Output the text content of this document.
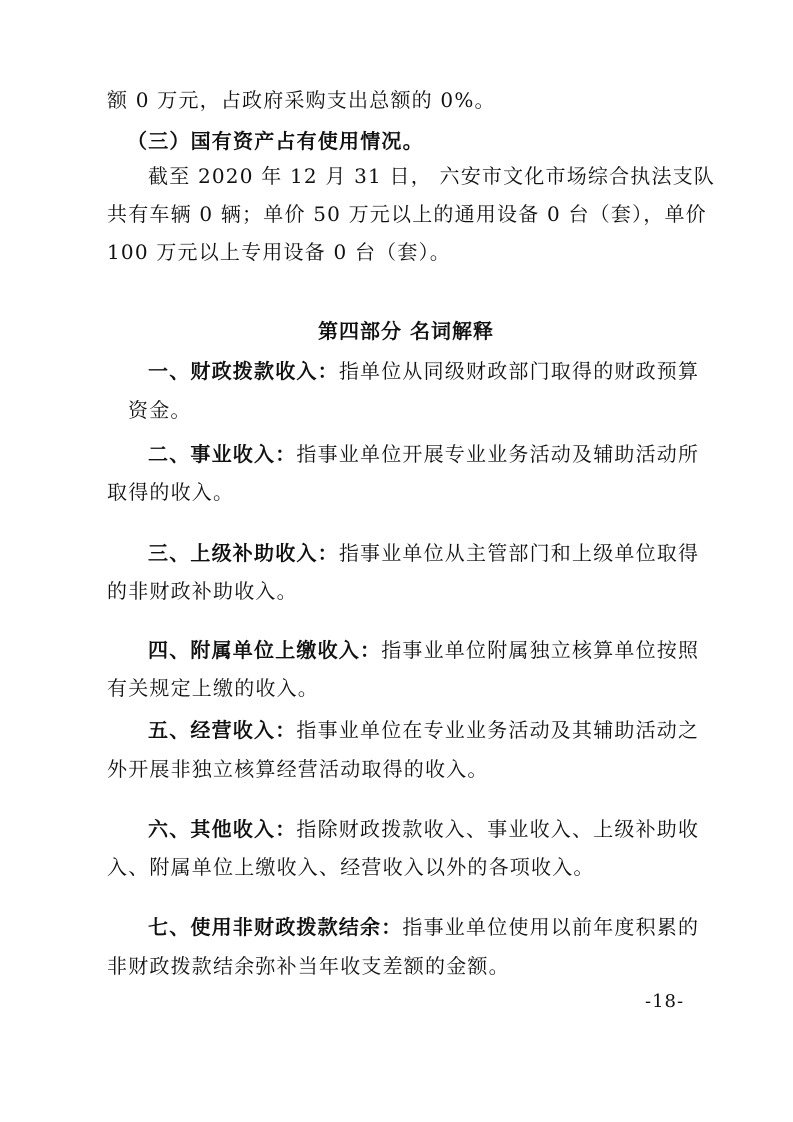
额 0 万元，占政府采购支出总额的 0%。
（三）国有资产占有使用情况。
截至 2020 年 12 月 31 日， 六安市文化市场综合执法支队
共有车辆 0 辆；单价 50 万元以上的通用设备 0 台（套），单价
100 万元以上专用设备 0 台（套）。
第四部分 名词解释
一、财政拨款收入：指单位从同级财政部门取得的财政预算
资金。
二、事业收入：指事业单位开展专业业务活动及辅助活动所
取得的收入。
三、上级补助收入：指事业单位从主管部门和上级单位取得
的非财政补助收入。
四、附属单位上缴收入：指事业单位附属独立核算单位按照
有关规定上缴的收入。
五、经营收入：指事业单位在专业业务活动及其辅助活动之
外开展非独立核算经营活动取得的收入。
六、其他收入：指除财政拨款收入、事业收入、上级补助收
入、附属单位上缴收入、经营收入以外的各项收入。
七、使用非财政拨款结余：指事业单位使用以前年度积累的
非财政拨款结余弥补当年收支差额的金额。
-18-
